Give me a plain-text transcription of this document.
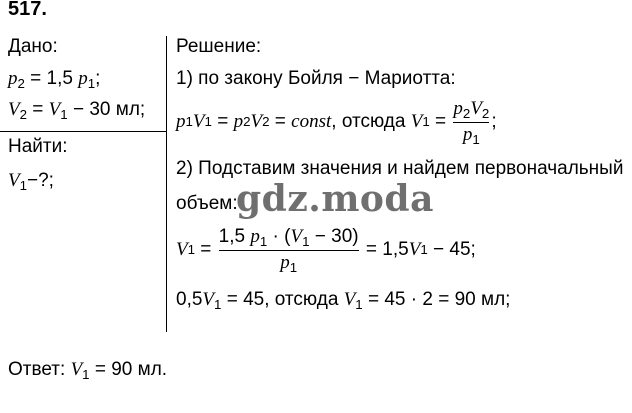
517.
Дано:
$p_2 = 1,5$ $p_1$;
$V_2 = V_1 - 30$ мл;
Найти:
$V_1-$?;
Решение:
1) по закону Бойля − Мариотта:
p 1 V 1 = p 2 V 2 = const , отсюда V $1 = \frac{p_2V_2}{p_1}$ ;
2) Подставим значения и найдем первоначальный
объем:
V $1 = \frac{1,5 p_1 \cdot (V_1 - 30)}{p_1} = 1,5$ V 1 − 45;
$0,5V_1 = 45$, отсюда $V_1 = 45 \cdot 2 = 90$ мл;
Ответ: $V_1 = 90$ мл.
gdz.moda
